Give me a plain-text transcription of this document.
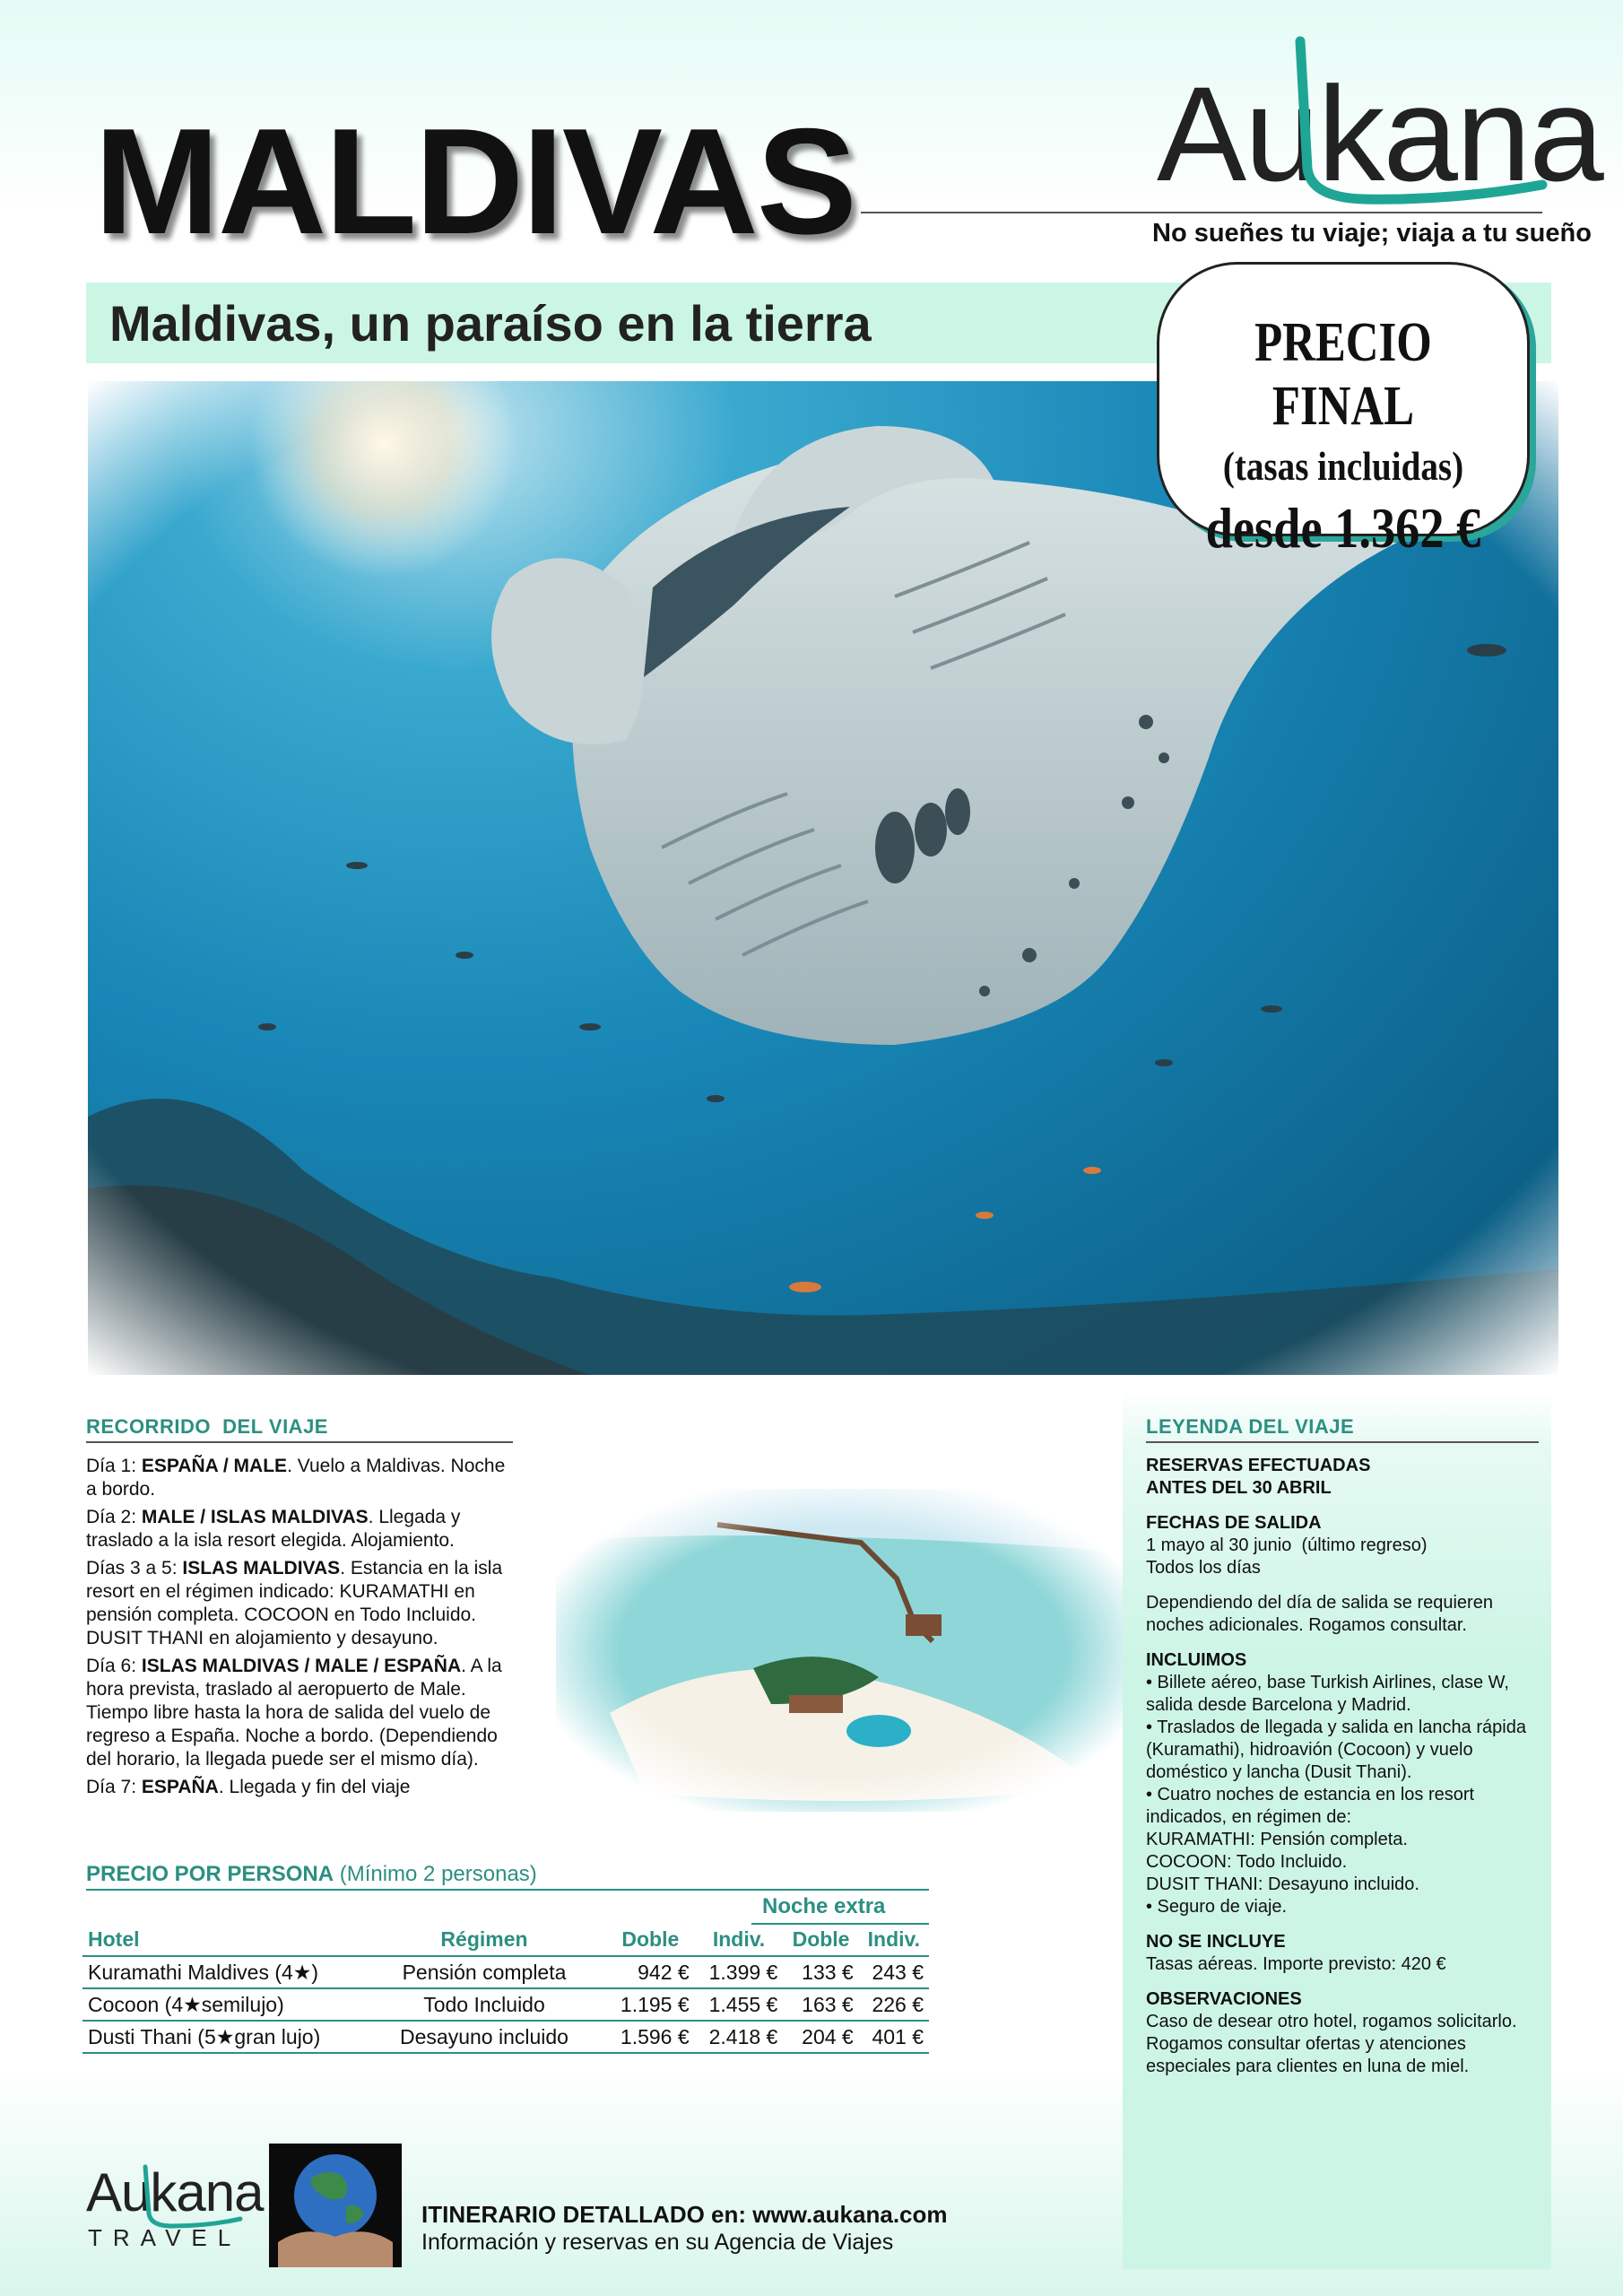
MALDIVAS Aukana
No sueñes tu viaje; viaja a tu sueño
Maldivas, un paraíso en la tierra	PRECIO FINAL
(tasas incluidas)
desde 1.362 €
RECORRIDO  DEL VIAJE

Día 1: ESPAÑA / MALE. Vuelo a Maldivas. Noche a bordo.

Día 2: MALE / ISLAS MALDIVAS. Llegada y traslado a la isla resort elegida. Alojamiento.

Días 3 a 5: ISLAS MALDIVAS. Estancia en la isla resort en el régimen indicado: KURAMATHI en pensión completa. COCOON en Todo Incluido. DUSIT THANI en alojamiento y desayuno.

Día 6: ISLAS MALDIVAS / MALE / ESPAÑA. A la hora prevista, traslado al aeropuerto de Male. Tiempo libre hasta la hora de salida del vuelo de regreso a España. Noche a bordo. (Dependiendo del horario, la llegada puede ser el mismo día).

Día 7: ESPAÑA. Llegada y fin del viaje

PRECIO POR PERSONA (Mínimo 2 personas)
Noche extra
Hotel	Régimen	Doble	Indiv.	Doble	Indiv.
Kuramathi Maldives (4★)	Pensión completa	942 €	1.399 €	133 €	243 €
Cocoon (4★semilujo)	Todo Incluido	1.195 €	1.455 €	163 €	226 €
Dusti Thani (5★gran lujo)	Desayuno incluido	1.596 €	2.418 €	204 €	401 €
LEYENDA DEL VIAJE

RESERVAS EFECTUADAS

ANTES DEL 30 ABRIL

FECHAS DE SALIDA

1 mayo al 30 junio  (último regreso)

Todos los días

Dependiendo del día de salida se requieren noches adicionales. Rogamos consultar.

INCLUIMOS

• Billete aéreo, base Turkish Airlines, clase W, salida desde Barcelona y Madrid.

• Traslados de llegada y salida en lancha rápida (Kuramathi), hidroavión (Cocoon) y vuelo doméstico y lancha (Dusit Thani).

• Cuatro noches de estancia en los resort indicados, en régimen de:

KURAMATHI: Pensión completa.

COCOON: Todo Incluido.

DUSIT THANI: Desayuno incluido.

• Seguro de viaje.

NO SE INCLUYE

Tasas aéreas. Importe previsto: 420 €

OBSERVACIONES

Caso de desear otro hotel, rogamos solicitarlo.

Rogamos consultar ofertas y atenciones especiales para clientes en luna de miel.

Aukana
TRAVEL
ITINERARIO DETALLADO en: www.aukana.com
Información y reservas en su Agencia de Viajes
